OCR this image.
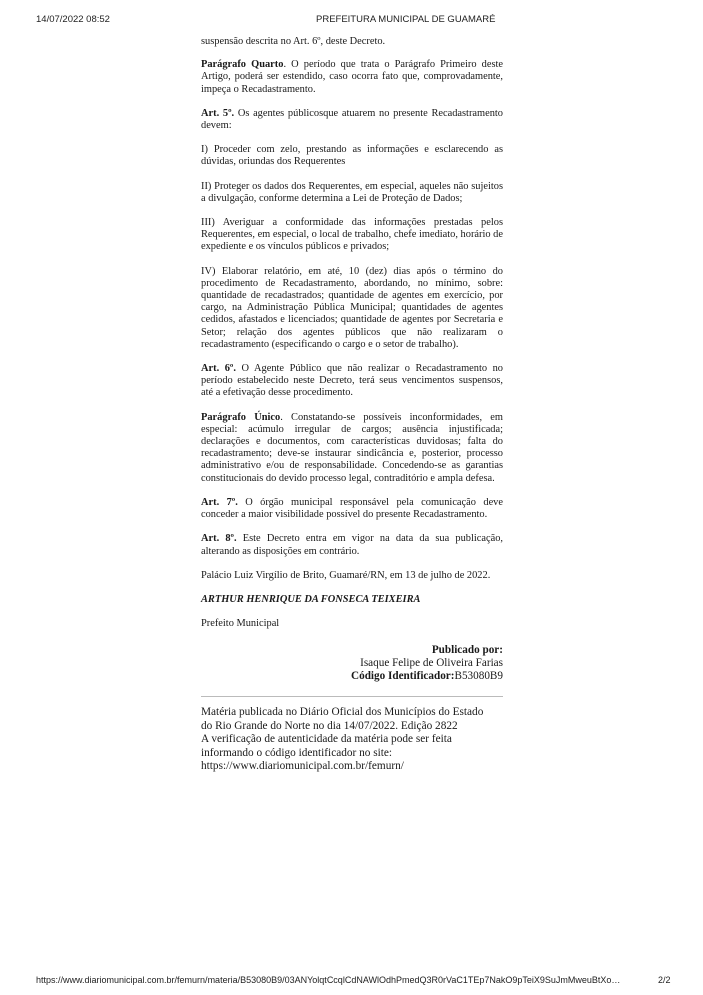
14/07/2022 08:52	PREFEITURA MUNICIPAL DE GUAMARÉ

suspensão descrita no Art. 6º, deste Decreto.

Parágrafo Quarto. O período que trata o Parágrafo Primeiro deste Artigo, poderá ser estendido, caso ocorra fato que, comprovadamente, impeça o Recadastramento.

Art. 5º. Os agentes públicosque atuarem no presente Recadastramento devem:

I) Proceder com zelo, prestando as informações e esclarecendo as dúvidas, oriundas dos Requerentes

II) Proteger os dados dos Requerentes, em especial, aqueles não sujeitos a divulgação, conforme determina a Lei de Proteção de Dados;

III) Averiguar a conformidade das informações prestadas pelos Requerentes, em especial, o local de trabalho, chefe imediato, horário de expediente e os vínculos públicos e privados;

IV) Elaborar relatório, em até, 10 (dez) dias após o término do procedimento de Recadastramento, abordando, no mínimo, sobre: quantidade de recadastrados; quantidade de agentes em exercício, por cargo, na Administração Pública Municipal; quantidades de agentes cedidos, afastados e licenciados; quantidade de agentes por Secretaria e Setor; relação dos agentes públicos que não realizaram o recadastramento (especificando o cargo e o setor de trabalho).

Art. 6º. O Agente Público que não realizar o Recadastramento no período estabelecido neste Decreto, terá seus vencimentos suspensos, até a efetivação desse procedimento.

Parágrafo Único. Constatando-se possíveis inconformidades, em especial: acúmulo irregular de cargos; ausência injustificada; declarações e documentos, com características duvidosas; falta do recadastramento; deve-se instaurar sindicância e, posterior, processo administrativo e/ou de responsabilidade. Concedendo-se as garantias constitucionais do devido processo legal, contraditório e ampla defesa.

Art. 7º. O órgão municipal responsável pela comunicação deve conceder a maior visibilidade possível do presente Recadastramento.

Art. 8º. Este Decreto entra em vigor na data da sua publicação, alterando as disposições em contrário.

Palácio Luiz Virgílio de Brito, Guamaré/RN, em 13 de julho de 2022.

ARTHUR HENRIQUE DA FONSECA TEIXEIRA

Prefeito Municipal

Publicado por:
Isaque Felipe de Oliveira Farias
Código Identificador:B53080B9
Matéria publicada no Diário Oficial dos Municípios do Estado
do Rio Grande do Norte no dia 14/07/2022. Edição 2822
A verificação de autenticidade da matéria pode ser feita
informando o código identificador no site:
https://www.diariomunicipal.com.br/femurn/
https://www.diariomunicipal.com.br/femurn/materia/B53080B9/03ANYolqtCcqlCdNAWlOdhPmedQ3R0rVaC1TEp7NakO9pTeiX9SuJmMweuBtXo…	2/2
